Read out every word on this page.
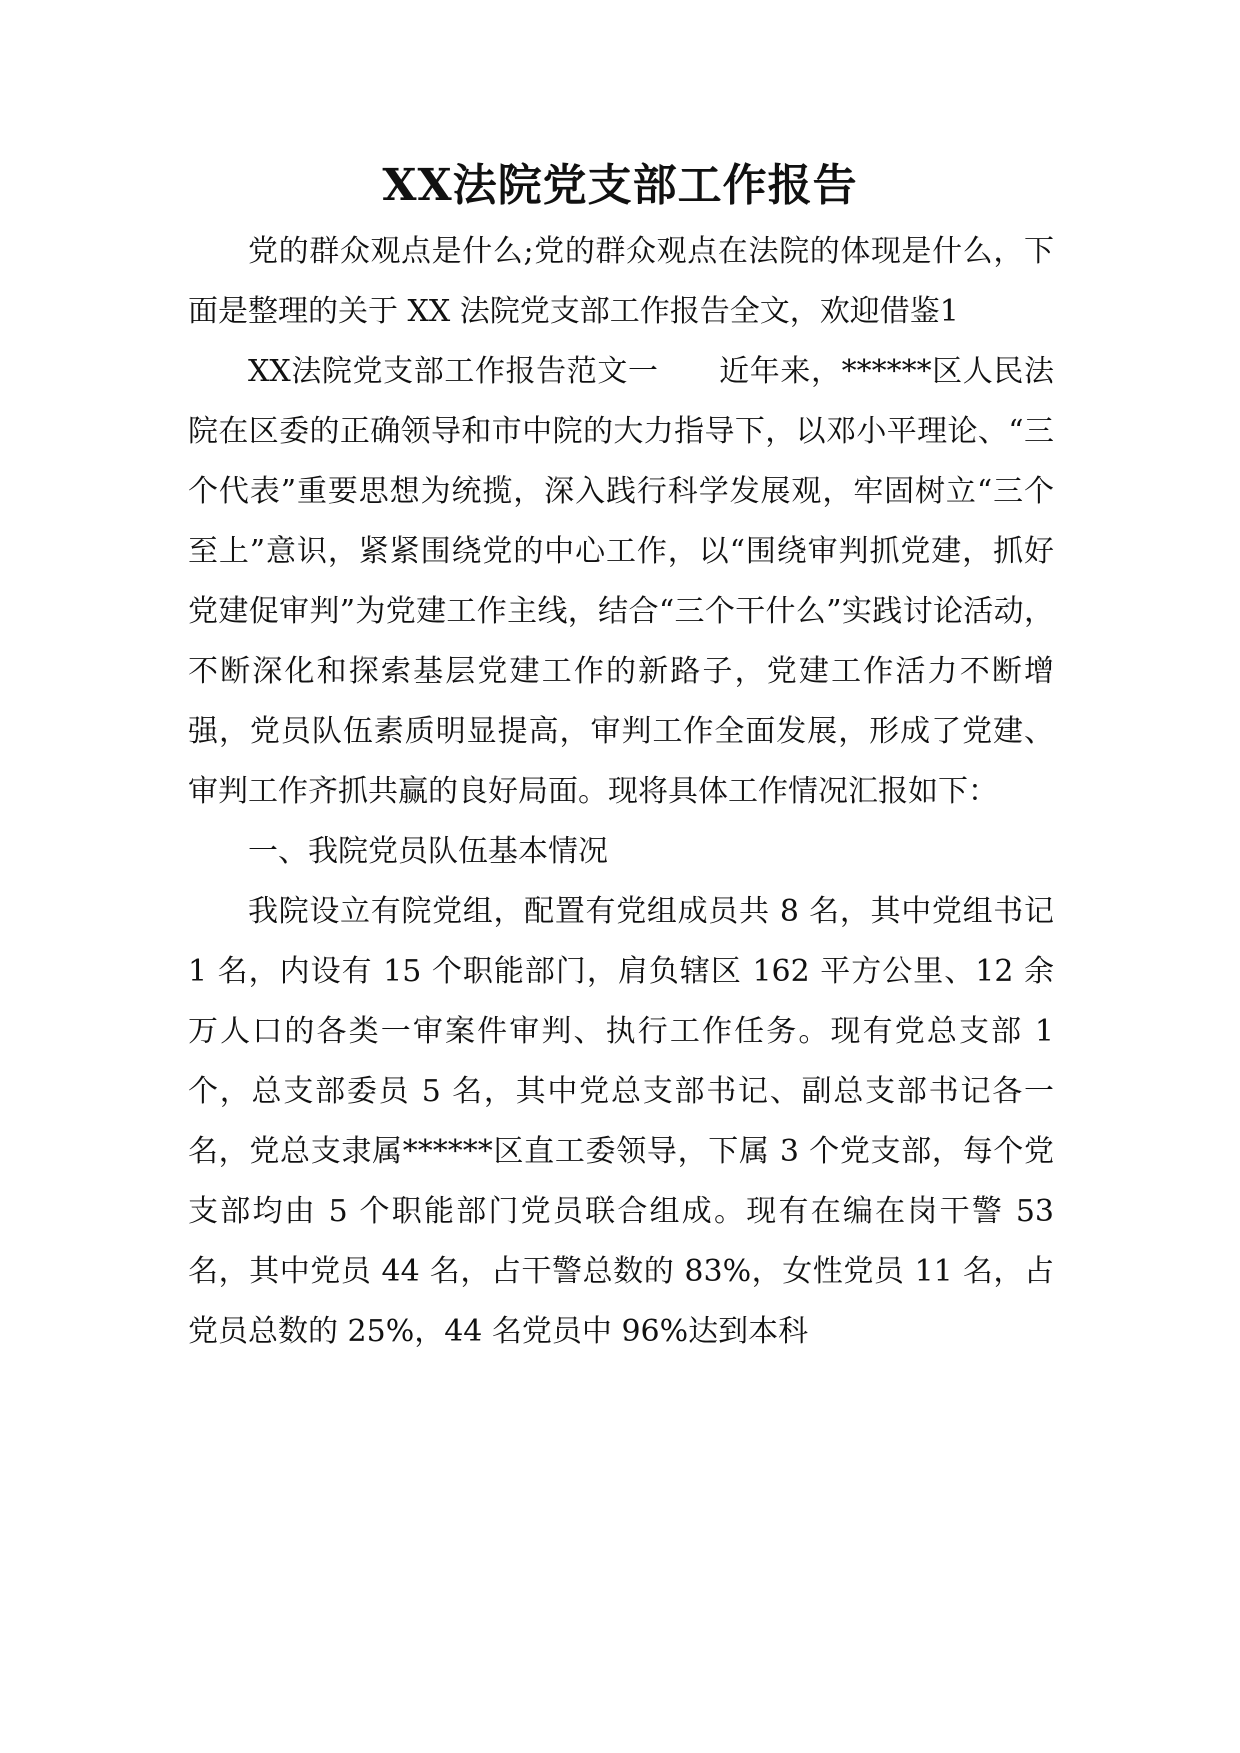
XX法院党支部工作报告

党的群众观点是什么;党的群众观点在法院的体现是什么，下面是整理的关于 XX 法院党支部工作报告全文，欢迎借鉴1

XX法院党支部工作报告范文一 近年来，******区人民法院在区委的正确领导和市中院的大力指导下，以邓小平理论、“三个代表”重要思想为统揽，深入践行科学发展观，牢固树立“三个至上”意识，紧紧围绕党的中心工作，以“围绕审判抓党建，抓好党建促审判”为党建工作主线，结合“三个干什么”实践讨论活动，不断深化和探索基层党建工作的新路子，党建工作活力不断增强，党员队伍素质明显提高，审判工作全面发展，形成了党建、审判工作齐抓共赢的良好局面。现将具体工作情况汇报如下：

一、我院党员队伍基本情况

我院设立有院党组，配置有党组成员共 8 名，其中党组书记 1 名，内设有 15 个职能部门，肩负辖区 162 平方公里、12 余万人口的各类一审案件审判、执行工作任务。现有党总支部 1 个，总支部委员 5 名，其中党总支部书记、副总支部书记各一名，党总支隶属******区直工委领导，下属 3 个党支部，每个党支部均由 5 个职能部门党员联合组成。现有在编在岗干警 53 名，其中党员 44 名，占干警总数的 83%，女性党员 11 名，占党员总数的 25%，44 名党员中 96%达到本科
